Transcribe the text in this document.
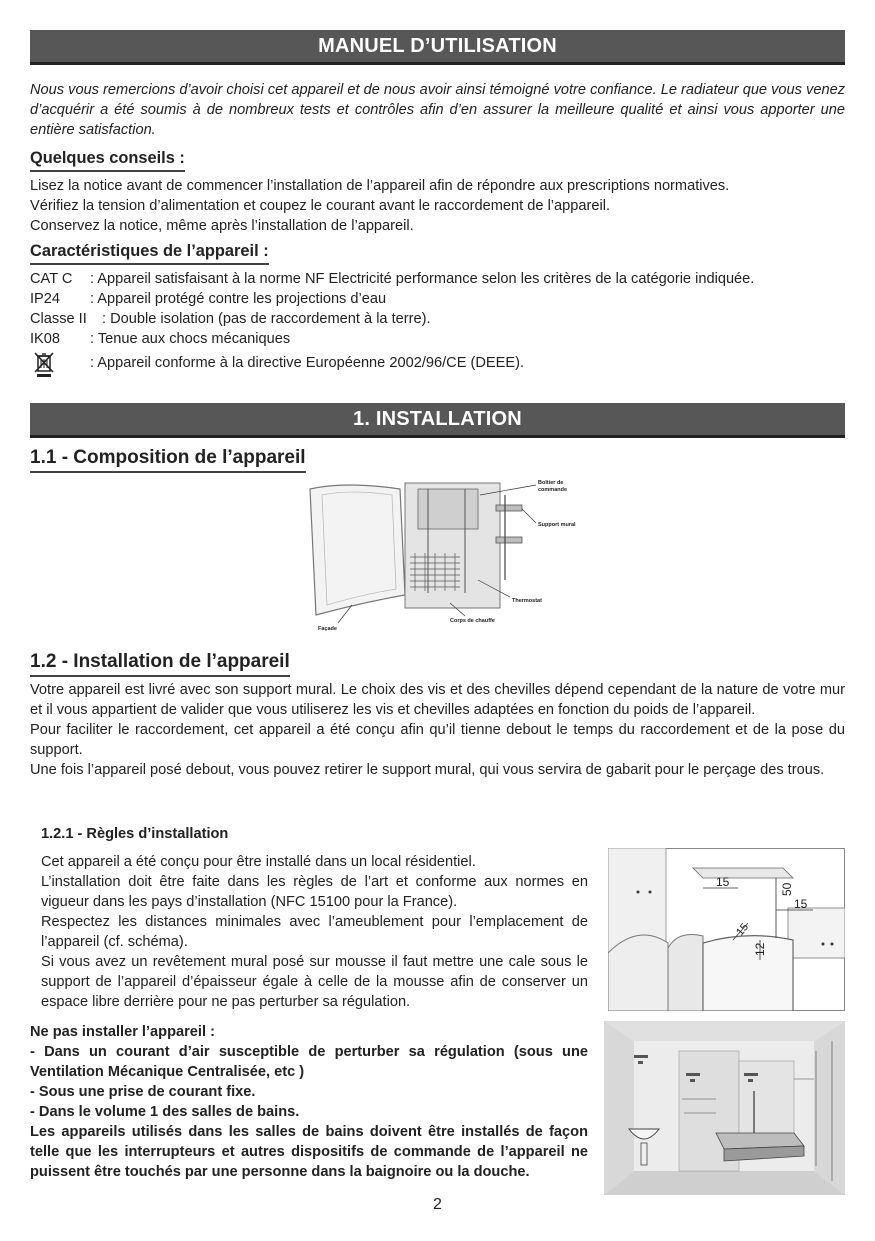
MANUEL D’UTILISATION
Nous vous remercions d’avoir choisi cet appareil et de nous avoir ainsi témoigné votre confiance. Le radiateur que vous venez d’acquérir a été soumis à de nombreux tests et contrôles afin d’en assurer la meilleure qualité et ainsi vous apporter une entière satisfaction.
Quelques conseils :
Lisez la notice avant de commencer l’installation de l’appareil afin de répondre aux prescriptions normatives.
Vérifiez la tension d’alimentation et coupez le courant avant le raccordement de l’appareil.
Conservez la notice, même après l’installation de l’appareil.
Caractéristiques de l’appareil :
CAT C : Appareil satisfaisant à la norme NF Electricité performance selon les critères de la catégorie indiquée.
IP24 : Appareil protégé contre les projections d’eau
Classe II : Double isolation (pas de raccordement à la terre).
IK08 : Tenue aux chocs mécaniques
: Appareil conforme à la directive Européenne 2002/96/CE (DEEE).
1. INSTALLATION
1.1 - Composition de l’appareil
Boîtier de
commande
Support mural
Thermostat
Corps de chauffe
Façade
1.2 - Installation de l’appareil
Votre appareil est livré avec son support mural. Le choix des vis et des chevilles dépend cependant de la nature de votre mur et il vous appartient de valider que vous utiliserez les vis et chevilles adaptées en fonction du poids de l’appareil.
Pour faciliter le raccordement, cet appareil a été conçu afin qu’il tienne debout le temps du raccordement et de la pose du support.
Une fois l’appareil posé debout, vous pouvez retirer le support mural, qui vous servira de gabarit pour le perçage des trous.
1.2.1 - Règles d’installation
Cet appareil a été conçu pour être installé dans un local résidentiel.
L’installation doit être faite dans les règles de l’art et conforme aux normes en vigueur dans les pays d’installation (NFC 15100 pour la France).
Respectez les distances minimales avec l’ameublement pour l’emplacement de l’appareil (cf. schéma).
Si vous avez un revêtement mural posé sur mousse il faut mettre une cale sous le support de l’appareil d’épaisseur égale à celle de la mousse afin de conserver un espace libre derrière pour ne pas perturber sa régulation.
15
50
15
15
12
Ne pas installer l’appareil :
- Dans un courant d’air susceptible de perturber sa régulation (sous une Ventilation Mécanique Centralisée, etc )
- Sous une prise de courant fixe.
- Dans le volume 1 des salles de bains.
Les appareils utilisés dans les salles de bains doivent être installés de façon telle que les interrupteurs et autres dispositifs de commande de l’appareil ne puissent être touchés par une personne dans la baignoire ou la douche.
2
